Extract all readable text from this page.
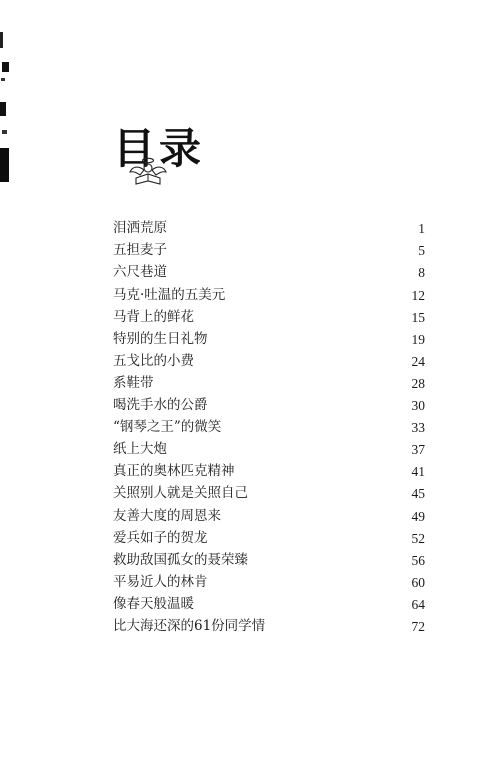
目录
泪洒荒原	1
五担麦子	5
六尺巷道	8
马克·吐温的五美元	12
马背上的鲜花	15
特别的生日礼物	19
五戈比的小费	24
系鞋带	28
喝洗手水的公爵	30
“钢琴之王”的微笑	33
纸上大炮	37
真正的奥林匹克精神	41
关照别人就是关照自己	45
友善大度的周恩来	49
爱兵如子的贺龙	52
救助敌国孤女的聂荣臻	56
平易近人的林肯	60
像春天般温暖	64
比大海还深的61份同学情	72
